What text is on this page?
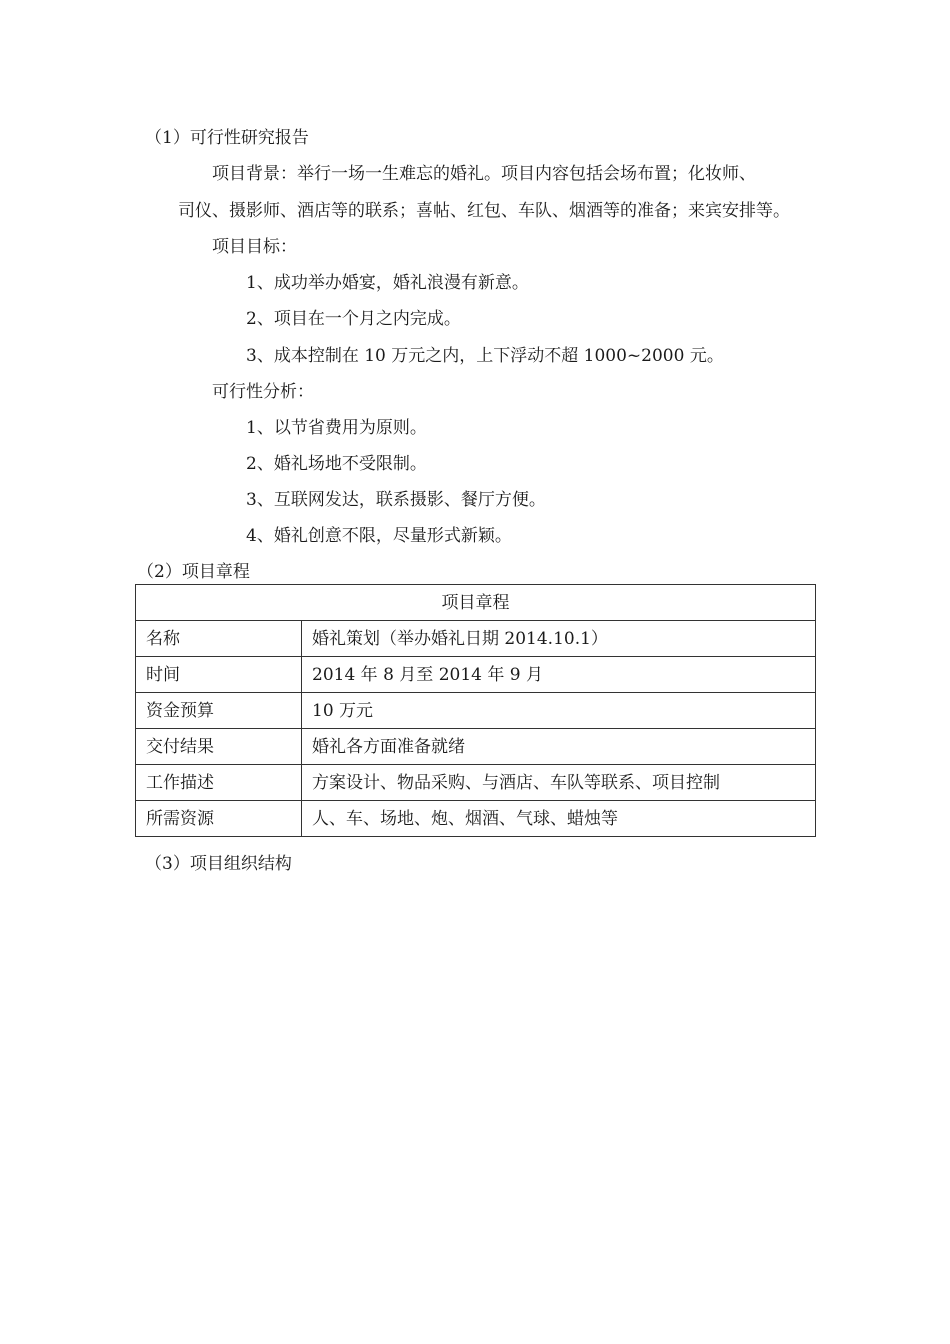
（1）可行性研究报告
项目背景：举行一场一生难忘的婚礼。项目内容包括会场布置；化妆师、
司仪、摄影师、酒店等的联系；喜帖、红包、车队、烟酒等的准备；来宾安排等。
项目目标：
1、成功举办婚宴，婚礼浪漫有新意。
2、项目在一个月之内完成。
3、成本控制在 10 万元之内，上下浮动不超 1000~2000 元。
可行性分析：
1、以节省费用为原则。
2、婚礼场地不受限制。
3、互联网发达，联系摄影、餐厅方便。
4、婚礼创意不限，尽量形式新颖。
（2）项目章程
项目章程	
名称	婚礼策划（举办婚礼日期 2014.10.1）
时间	2014 年 8 月至 2014 年 9 月
资金预算	10 万元
交付结果	婚礼各方面准备就绪
工作描述	方案设计、物品采购、与酒店、车队等联系、项目控制
所需资源	人、车、场地、炮、烟酒、气球、蜡烛等
（3）项目组织结构
